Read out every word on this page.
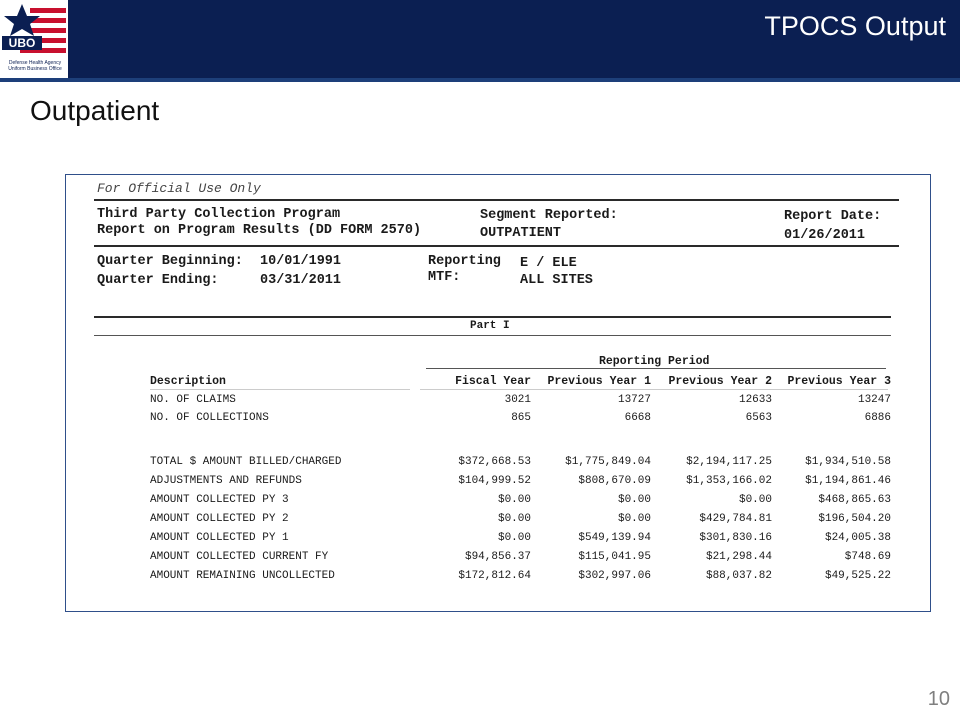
UBO
Defense Health Agency Uniform Business Office
TPOCS Output
Outpatient
For Official Use Only
Third Party Collection Program
Report on Program Results (DD FORM 2570)
Segment Reported:
OUTPATIENT
Report Date:
01/26/2011
Quarter Beginning: 10/01/1991
Quarter Ending:	03/31/2011
Reporting
MTF:
E / ELE
ALL SITES
Part I
Reporting Period
Description	Fiscal Year	Previous Year 1	Previous Year 2	Previous Year 3
NO. OF CLAIMS	3021	13727	12633	13247
NO. OF COLLECTIONS	865	6668	6563	6886
TOTAL $ AMOUNT BILLED/CHARGED	$372,668.53	$1,775,849.04	$2,194,117.25	$1,934,510.58
ADJUSTMENTS AND REFUNDS	$104,999.52	$808,670.09	$1,353,166.02	$1,194,861.46
AMOUNT COLLECTED PY 3	$0.00	$0.00	$0.00	$468,865.63
AMOUNT COLLECTED PY 2	$0.00	$0.00	$429,784.81	$196,504.20
AMOUNT COLLECTED PY 1	$0.00	$549,139.94	$301,830.16	$24,005.38
AMOUNT COLLECTED CURRENT FY	$94,856.37	$115,041.95	$21,298.44	$748.69
AMOUNT REMAINING UNCOLLECTED	$172,812.64	$302,997.06	$88,037.82	$49,525.22
10
